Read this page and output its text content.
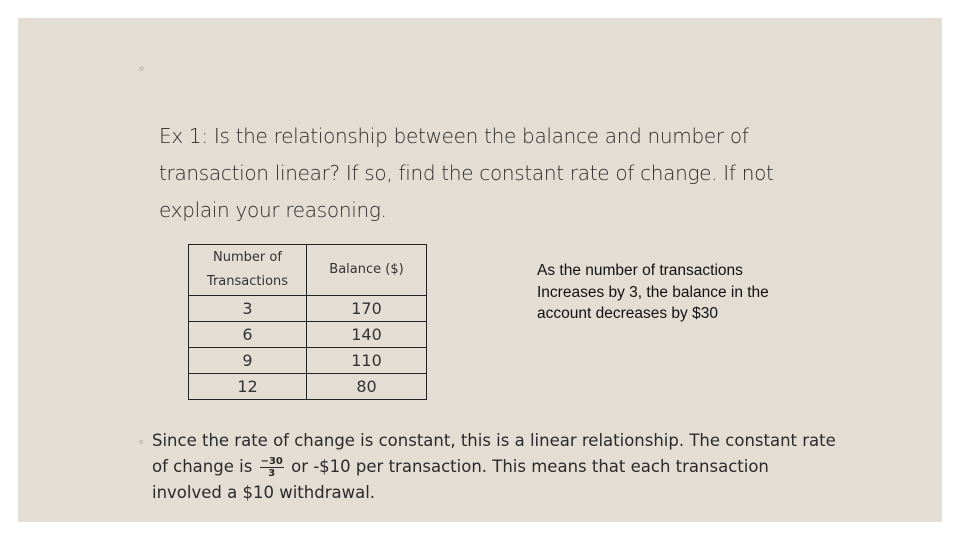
◦
Ex 1: Is the relationship between the balance and number of transaction linear? If so, find the constant rate of change. If not explain your reasoning.
Number of Transactions	Balance ($)
3	170
6	140
9	110
12	80
As the number of transactions Increases by 3, the balance in the account decreases by $30
◦ Since the rate of change is constant, this is a linear relationship. The constant rate of change is $\frac{-30}{3}$ or -$10 per transaction. This means that each transaction involved a $10 withdrawal.
